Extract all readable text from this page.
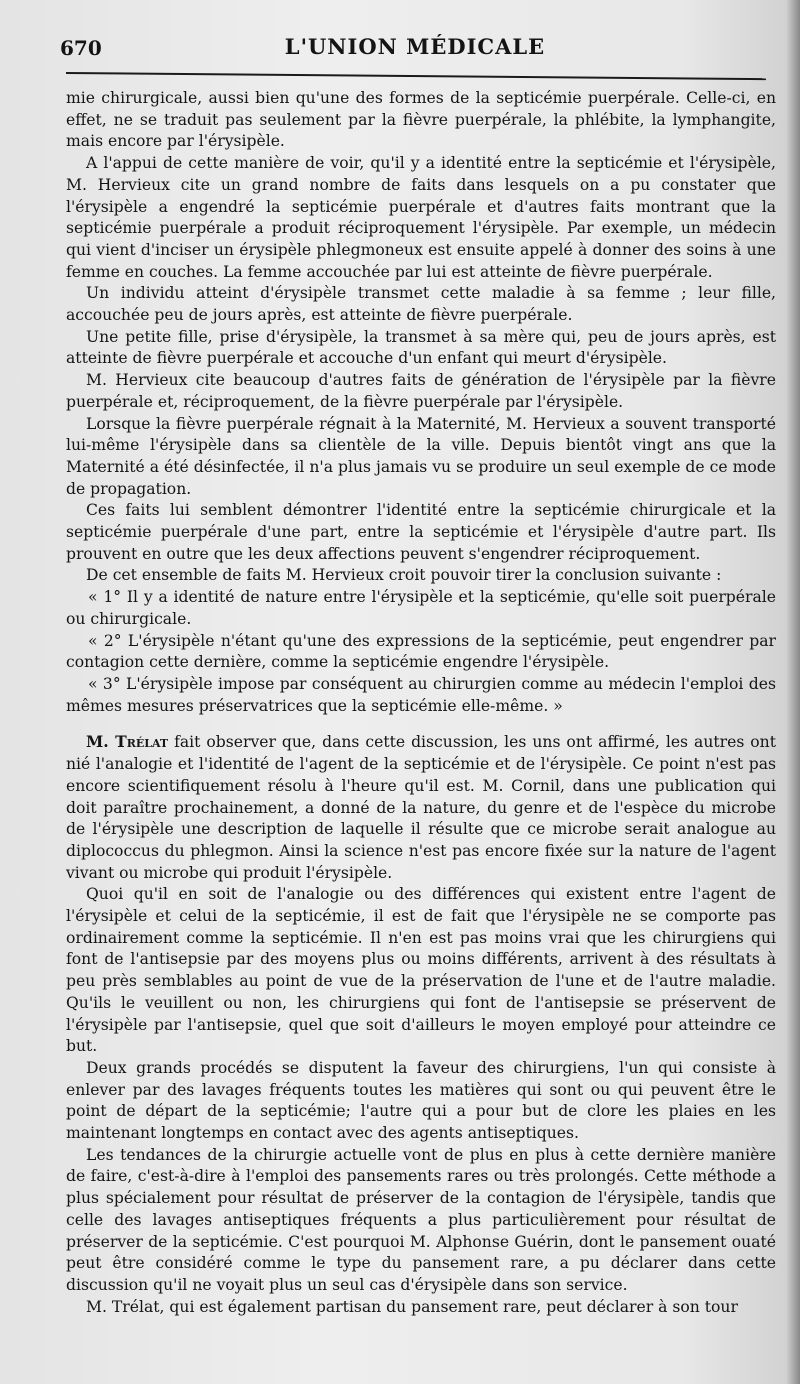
670	L'UNION MÉDICALE

mie chirurgicale, aussi bien qu'une des formes de la septicémie puerpérale. Celle-ci, en effet, ne se traduit pas seulement par la fièvre puerpérale, la phlébite, la lymphangite, mais encore par l'érysipèle.

A l'appui de cette manière de voir, qu'il y a identité entre la septicémie et l'érysipèle, M. Hervieux cite un grand nombre de faits dans lesquels on a pu constater que l'érysipèle a engendré la septicémie puerpérale et d'autres faits montrant que la septicémie puerpérale a produit réciproquement l'érysipèle. Par exemple, un médecin qui vient d'inciser un érysipèle phlegmoneux est ensuite appelé à donner des soins à une femme en couches. La femme accouchée par lui est atteinte de fièvre puerpérale.

Un individu atteint d'érysipèle transmet cette maladie à sa femme ; leur fille, accouchée peu de jours après, est atteinte de fièvre puerpérale.

Une petite fille, prise d'érysipèle, la transmet à sa mère qui, peu de jours après, est atteinte de fièvre puerpérale et accouche d'un enfant qui meurt d'érysipèle.

M. Hervieux cite beaucoup d'autres faits de génération de l'érysipèle par la fièvre puerpérale et, réciproquement, de la fièvre puerpérale par l'érysipèle.

Lorsque la fièvre puerpérale régnait à la Maternité, M. Hervieux a souvent transporté lui-même l'érysipèle dans sa clientèle de la ville. Depuis bientôt vingt ans que la Maternité a été désinfectée, il n'a plus jamais vu se produire un seul exemple de ce mode de propagation.

Ces faits lui semblent démontrer l'identité entre la septicémie chirurgicale et la septicémie puerpérale d'une part, entre la septicémie et l'érysipèle d'autre part. Ils prouvent en outre que les deux affections peuvent s'engendrer réciproquement.

De cet ensemble de faits M. Hervieux croit pouvoir tirer la conclusion suivante :

« 1° Il y a identité de nature entre l'érysipèle et la septicémie, qu'elle soit puerpérale ou chirurgicale.

« 2° L'érysipèle n'étant qu'une des expressions de la septicémie, peut engendrer par contagion cette dernière, comme la septicémie engendre l'érysipèle.

« 3° L'érysipèle impose par conséquent au chirurgien comme au médecin l'emploi des mêmes mesures préservatrices que la septicémie elle-même. »

M. Trélat fait observer que, dans cette discussion, les uns ont affirmé, les autres ont nié l'analogie et l'identité de l'agent de la septicémie et de l'érysipèle. Ce point n'est pas encore scientifiquement résolu à l'heure qu'il est. M. Cornil, dans une publication qui doit paraître prochainement, a donné de la nature, du genre et de l'espèce du microbe de l'érysipèle une description de laquelle il résulte que ce microbe serait analogue au diplococcus du phlegmon. Ainsi la science n'est pas encore fixée sur la nature de l'agent vivant ou microbe qui produit l'érysipèle.

Quoi qu'il en soit de l'analogie ou des différences qui existent entre l'agent de l'érysipèle et celui de la septicémie, il est de fait que l'érysipèle ne se comporte pas ordinairement comme la septicémie. Il n'en est pas moins vrai que les chirurgiens qui font de l'antisepsie par des moyens plus ou moins différents, arrivent à des résultats à peu près semblables au point de vue de la préservation de l'une et de l'autre maladie. Qu'ils le veuillent ou non, les chirurgiens qui font de l'antisepsie se préservent de l'érysipèle par l'antisepsie, quel que soit d'ailleurs le moyen employé pour atteindre ce but.

Deux grands procédés se disputent la faveur des chirurgiens, l'un qui consiste à enlever par des lavages fréquents toutes les matières qui sont ou qui peuvent être le point de départ de la septicémie; l'autre qui a pour but de clore les plaies en les maintenant longtemps en contact avec des agents antiseptiques.

Les tendances de la chirurgie actuelle vont de plus en plus à cette dernière manière de faire, c'est-à-dire à l'emploi des pansements rares ou très prolongés. Cette méthode a plus spécialement pour résultat de préserver de la contagion de l'érysipèle, tandis que celle des lavages antiseptiques fréquents a plus particulièrement pour résultat de préserver de la septicémie. C'est pourquoi M. Alphonse Guérin, dont le pansement ouaté peut être considéré comme le type du pansement rare, a pu déclarer dans cette discussion qu'il ne voyait plus un seul cas d'érysipèle dans son service.

M. Trélat, qui est également partisan du pansement rare, peut déclarer à son tour
